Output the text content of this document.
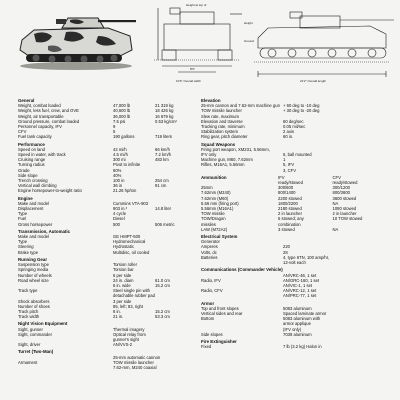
Height at top of
Height
Ground
21'2" Overall length
10'6" Overall width
8'9"
General
Weight, combat loaded	47,000 lb	21 319 kg
Weight, less fuel, crew, and OVE	40,600 lb	18 426 kg
Weight, air transportable	36,000 lb	16 679 kg
Ground pressure, combat loaded	7.5 psi	0.53 kg/cm²
Personnel capacity, IFV	9
CFV	5
Fuel tank capacity	190 gallons	719 liters
Performance
Speed on land	42 mi/h	66 km/h
Speed in water, with track	4.5 mi/h	7.2 km/h
Cruising range	300 mi	483 km
Turning radius	Pivot to infinite
Grade	60%
Side slope	40%
Trench crossing	100 in	254 cm
Vertical wall climbing	36 in	91 cm
Engine horsepower-to-weight ratio	21.26 hp/ton
Engine
Make and model	Cummins VTA-903
Displacement	903 in.³	14.8 liter
Type	4 cycle
Fuel	Diesel
Gross horsepower	500	506 metric
Transmission, Automatic
Make and model	GE HMPT-500
Type	Hydromechanical
Steering	Hydrostatic
Brake type	Multidisc, oil cooled
Running Gear
Suspension type	Torsion roller
Springing media	Torsion bar
Number of wheels	6 per side
Road wheel size	24 in. diam	61.0 cm
6 in. wide	15.2 cm
Track type	Steel single pin with
detachable rubber pad
Shock absorbers	3 per side
Number of shoes	85, left; 83, right
Track pitch	6 in.	15.2 cm
Track width	21 in.	53.3 cm
Night Vision Equipment
Sight, gunner	Thermal imagery
Sight, commander	Optical relay from
gunner's sight
Sight, driver	AN/VVS-2
Turret (Two-Man)
25-mm automatic cannon
Armament	TOW missile launcher
7.62-mm, M240 coaxial
Elevation
25-mm cannon and 7.62-mm machine gun + 60 deg to -10 deg
TOW missile launcher	+ 30 deg to -20 deg
Slew rate, maximum
Elevation and traverse	60 deg/sec
Tracking rate, minimum	0.05 mil/sec
Stabilization system	2 axis
Ring gear, pitch diameter	60 in.
Squad Weapons
Firing port weapon, XM231, 5.56mm,
IFV only	6, ball mounted
Machine gun, M60, 7.62mm	1
Rifles, M16A1, 5.56mm	5, IFV
3, CFV
Ammunition	IFV	CFV
ready/stowed	ready/stowed
25mm	300/600	300/1200
7.62mm (M240)	800/1400	800/3600
7.62mm (M60)	2200 stowed	3600 stowed
5.56 mm (firing port)	1800/2200	NA
5.56mm (M16A1)	2180 stowed	1080 stowed
TOW missile	2 in launcher	2 in launcher
TOW/Dragon	5 stowed; any	10 TOW stowed
missiles	combination
LAW (M72A2)	3 stowed	NA
Electrical System
Generator
Amperes	220
Volts, dc	28
Batteries	4, type 6TN, 100 amp/hr,
12-volt each
Communications (Commander Vehicle)
AN/VRC-46, 1 set
Radio, IFV	AN/GRC-160, 1 set
AN/VIC-1, 1 set
Radio, CFV	AN/VRC-12, 1 set
AN/PRC-77, 1 set
Armor
Top and front slopes	5083 aluminum
Vertical sides and rear	Spaced laminate armor
Bottom	5083 aluminum with
armor applique
(IFV only)
Side slopes	7039 aluminum
Fire Extinguisher
Fixed	7 lb (3.2 kg) Halon in
